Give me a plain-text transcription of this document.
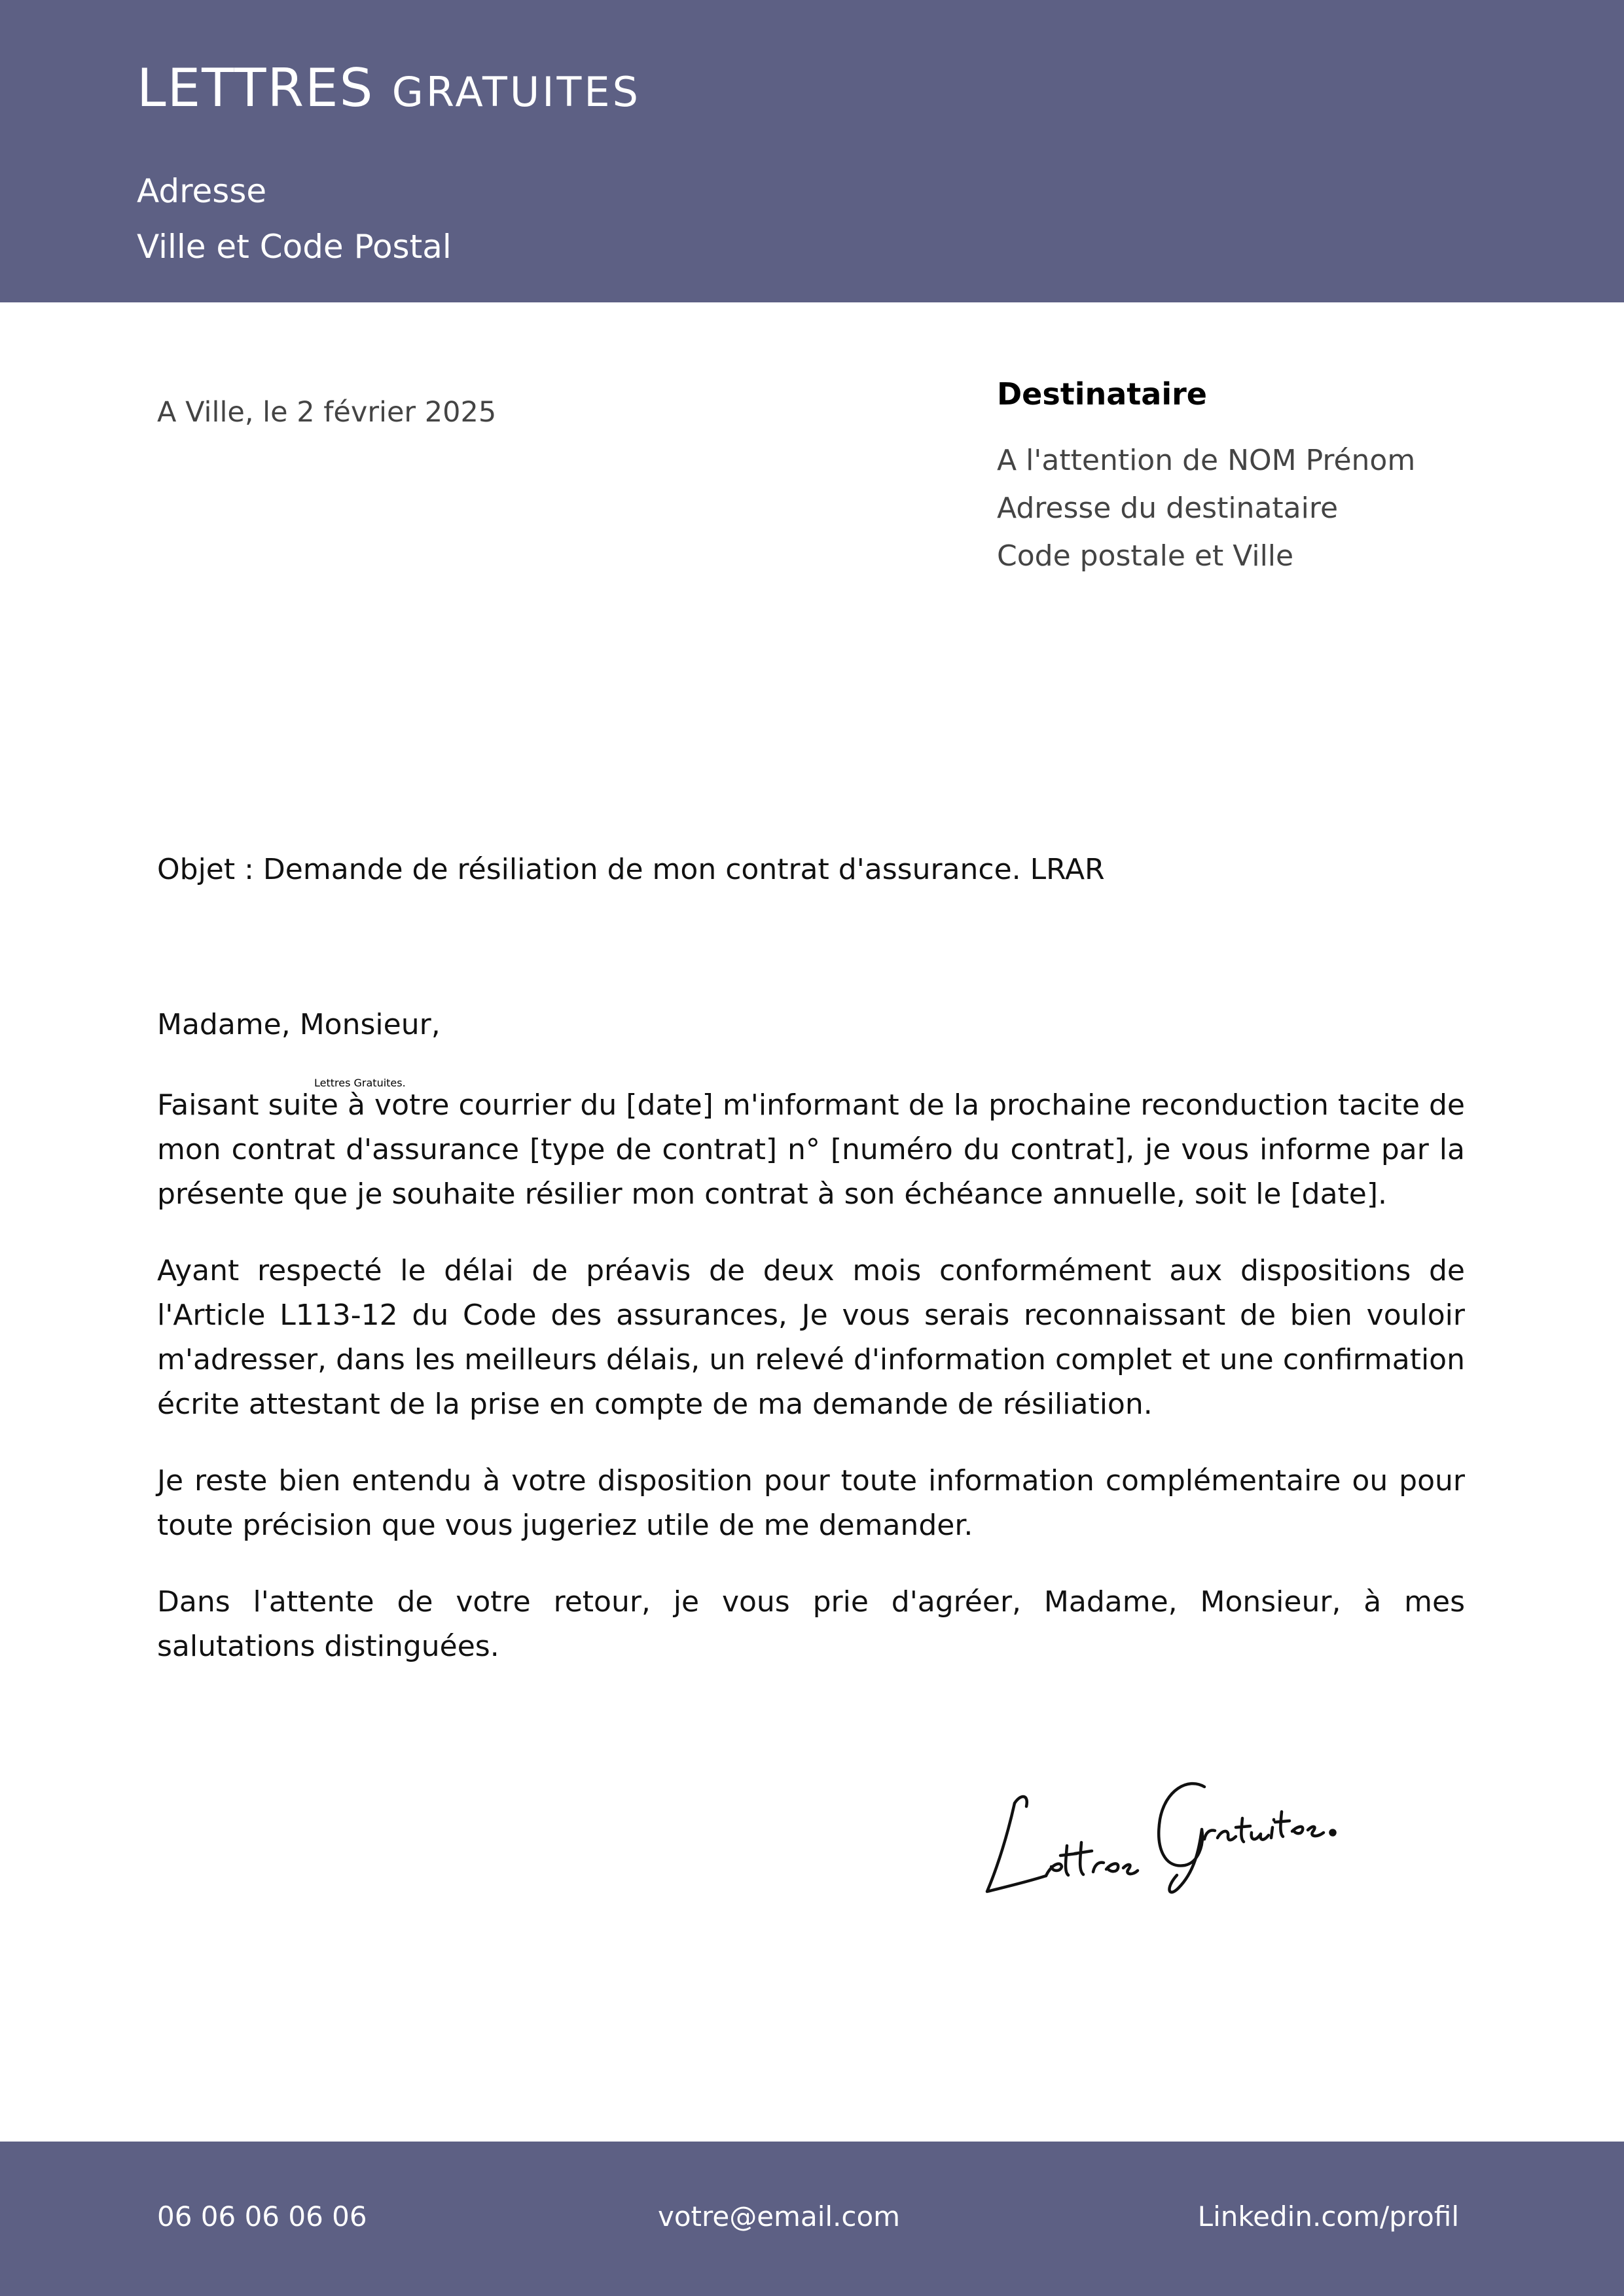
LETTRES GRATUITES
Adresse
Ville et Code Postal
A Ville, le 2 février 2025
Destinataire
A l'attention de NOM Prénom
Adresse du destinataire
Code postale et Ville
Objet : Demande de résiliation de mon contrat d'assurance. LRAR
Madame, Monsieur,

Faisant suite à votre courrier du [date] m'informant de la prochaine reconduction tacite de mon contrat d'assurance [type de contrat] n° [numéro du contrat], je vous informe par la présente que je souhaite résilier mon contrat à son échéance annuelle, soit le [date].

Ayant respecté le délai de préavis de deux mois conformément aux dispositions de l'Article L113-12 du Code des assurances, Je vous serais reconnaissant de bien vouloir m'adresser, dans les meilleurs délais, un relevé d'information complet et une confirmation écrite attestant de la prise en compte de ma demande de résiliation.

Je reste bien entendu à votre disposition pour toute information complémentaire ou pour toute précision que vous jugeriez utile de me demander.

Dans l'attente de votre retour, je vous prie d'agréer, Madame, Monsieur, à mes salutations distinguées.

Lettres Gratuites.
06 06 06 06 06	votre@email.com	Linkedin.com/profil
